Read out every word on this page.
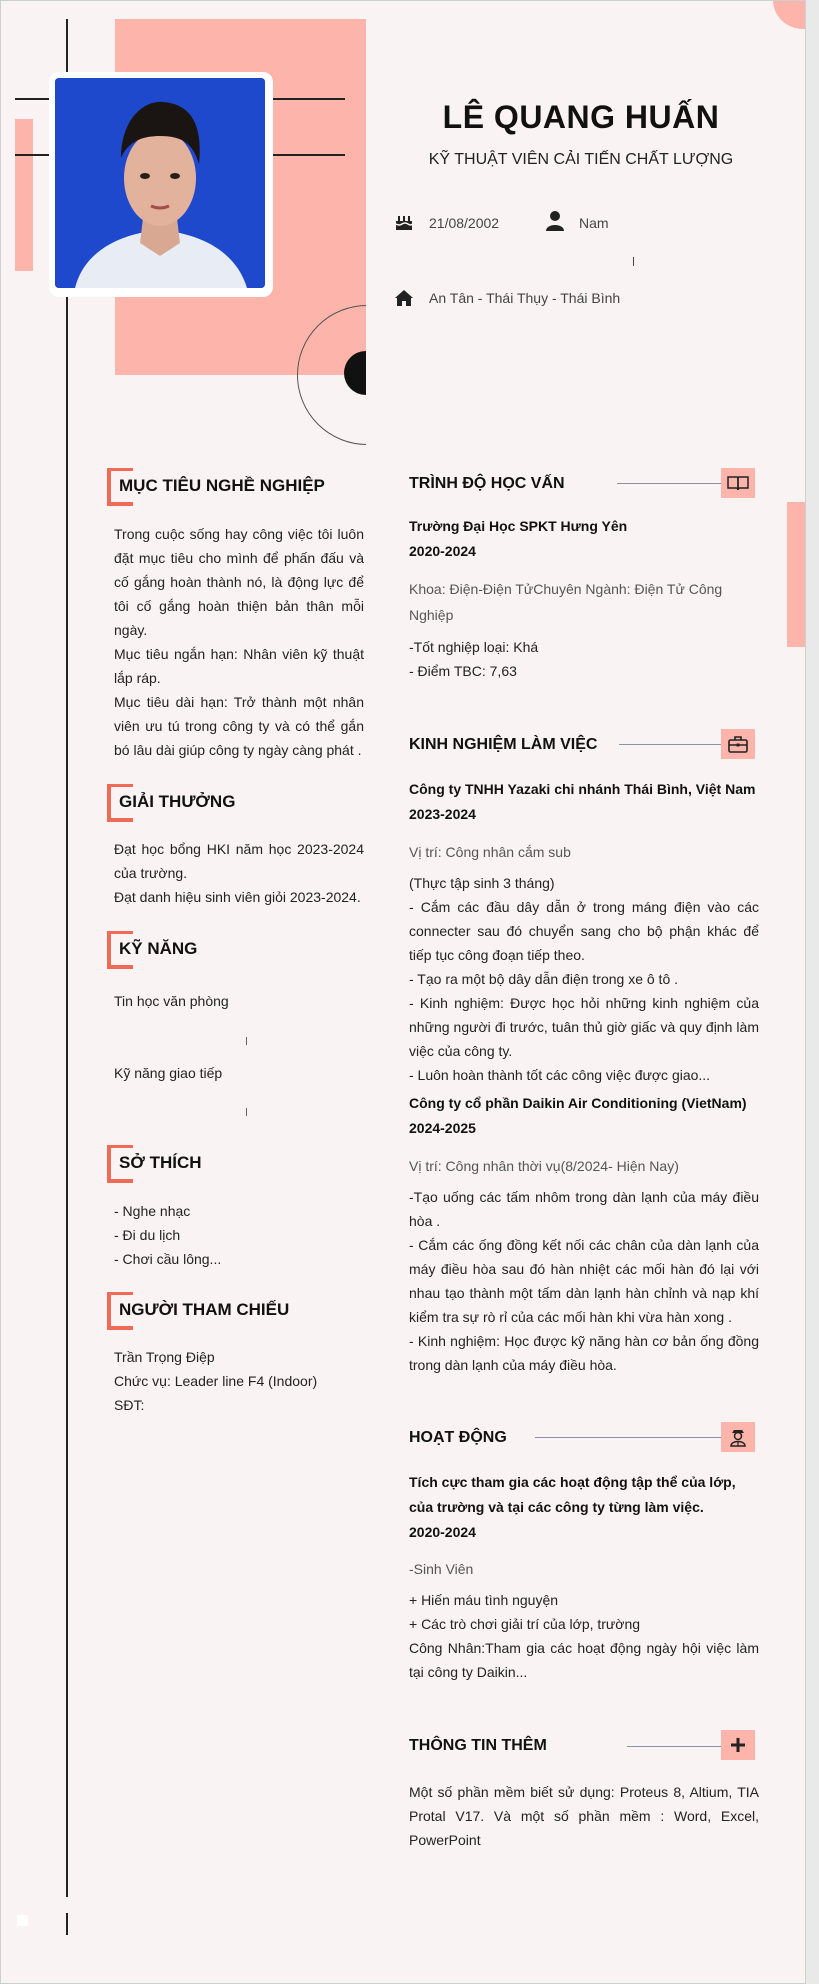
LÊ QUANG HUẤN
KỸ THUẬT VIÊN CẢI TIẾN CHẤT LƯỢNG
21/08/2002	Nam
An Tân - Thái Thụy - Thái Bình
MỤC TIÊU NGHỀ NGHIỆP
Trong cuộc sống hay công việc tôi luôn đặt mục tiêu cho mình để phấn đấu và cố gắng hoàn thành nó, là động lực để tôi cố gắng hoàn thiện bản thân mỗi ngày.
Mục tiêu ngắn hạn: Nhân viên kỹ thuật lắp ráp.
Mục tiêu dài hạn: Trở thành một nhân viên ưu tú trong công ty và có thể gắn bó lâu dài giúp công ty ngày càng phát .
GIẢI THƯỞNG
Đạt học bổng HKI năm học 2023-2024 của trường.
Đạt danh hiệu sinh viên giỏi 2023-2024.
KỸ NĂNG
Tin học văn phòng
Kỹ năng giao tiếp
SỞ THÍCH
- Nghe nhạc
- Đi du lịch
- Chơi cầu lông...
NGƯỜI THAM CHIẾU
Trần Trọng Điệp
Chức vụ: Leader line F4 (Indoor)
SĐT:
TRÌNH ĐỘ HỌC VẤN
Trường Đại Học SPKT Hưng Yên
2020-2024
Khoa: Điện-Điện TửChuyên Ngành: Điện Tử Công Nghiệp
-Tốt nghiệp loại: Khá
- Điểm TBC: 7,63
KINH NGHIỆM LÀM VIỆC
Công ty TNHH Yazaki chi nhánh Thái Bình, Việt Nam
2023-2024
Vị trí: Công nhân cắm sub
(Thực tập sinh 3 tháng)
- Cắm các đầu dây dẫn ở trong máng điện vào các connecter sau đó chuyển sang cho bộ phận khác để tiếp tục công đoạn tiếp theo.
- Tạo ra một bộ dây dẫn điện trong xe ô tô .
- Kinh nghiệm: Được học hỏi những kinh nghiệm của những người đi trước, tuân thủ giờ giấc và quy định làm việc của công ty.
- Luôn hoàn thành tốt các công việc được giao...
Công ty cổ phần Daikin Air Conditioning (VietNam)
2024-2025
Vị trí: Công nhân thời vụ(8/2024- Hiện Nay)
-Tạo uống các tấm nhôm trong dàn lạnh của máy điều hòa .
- Cắm các ống đồng kết nối các chân của dàn lạnh của máy điều hòa sau đó hàn nhiệt các mối hàn đó lại với nhau tạo thành một tấm dàn lạnh hàn chỉnh và nạp khí kiểm tra sự rò rỉ của các mối hàn khi vừa hàn xong .
- Kinh nghiệm: Học được kỹ năng hàn cơ bản ống đồng trong dàn lạnh của máy điều hòa.
HOẠT ĐỘNG
Tích cực tham gia các hoạt động tập thể của lớp, của trường và tại các công ty từng làm việc.
2020-2024
-Sinh Viên
+ Hiến máu tình nguyện
+ Các trò chơi giải trí của lớp, trường
Công Nhân:Tham gia các hoạt động ngày hội việc làm tại công ty Daikin...
THÔNG TIN THÊM
Một số phần mềm biết sử dụng: Proteus 8, Altium, TIA Protal V17. Và một số phần mềm : Word, Excel, PowerPoint
